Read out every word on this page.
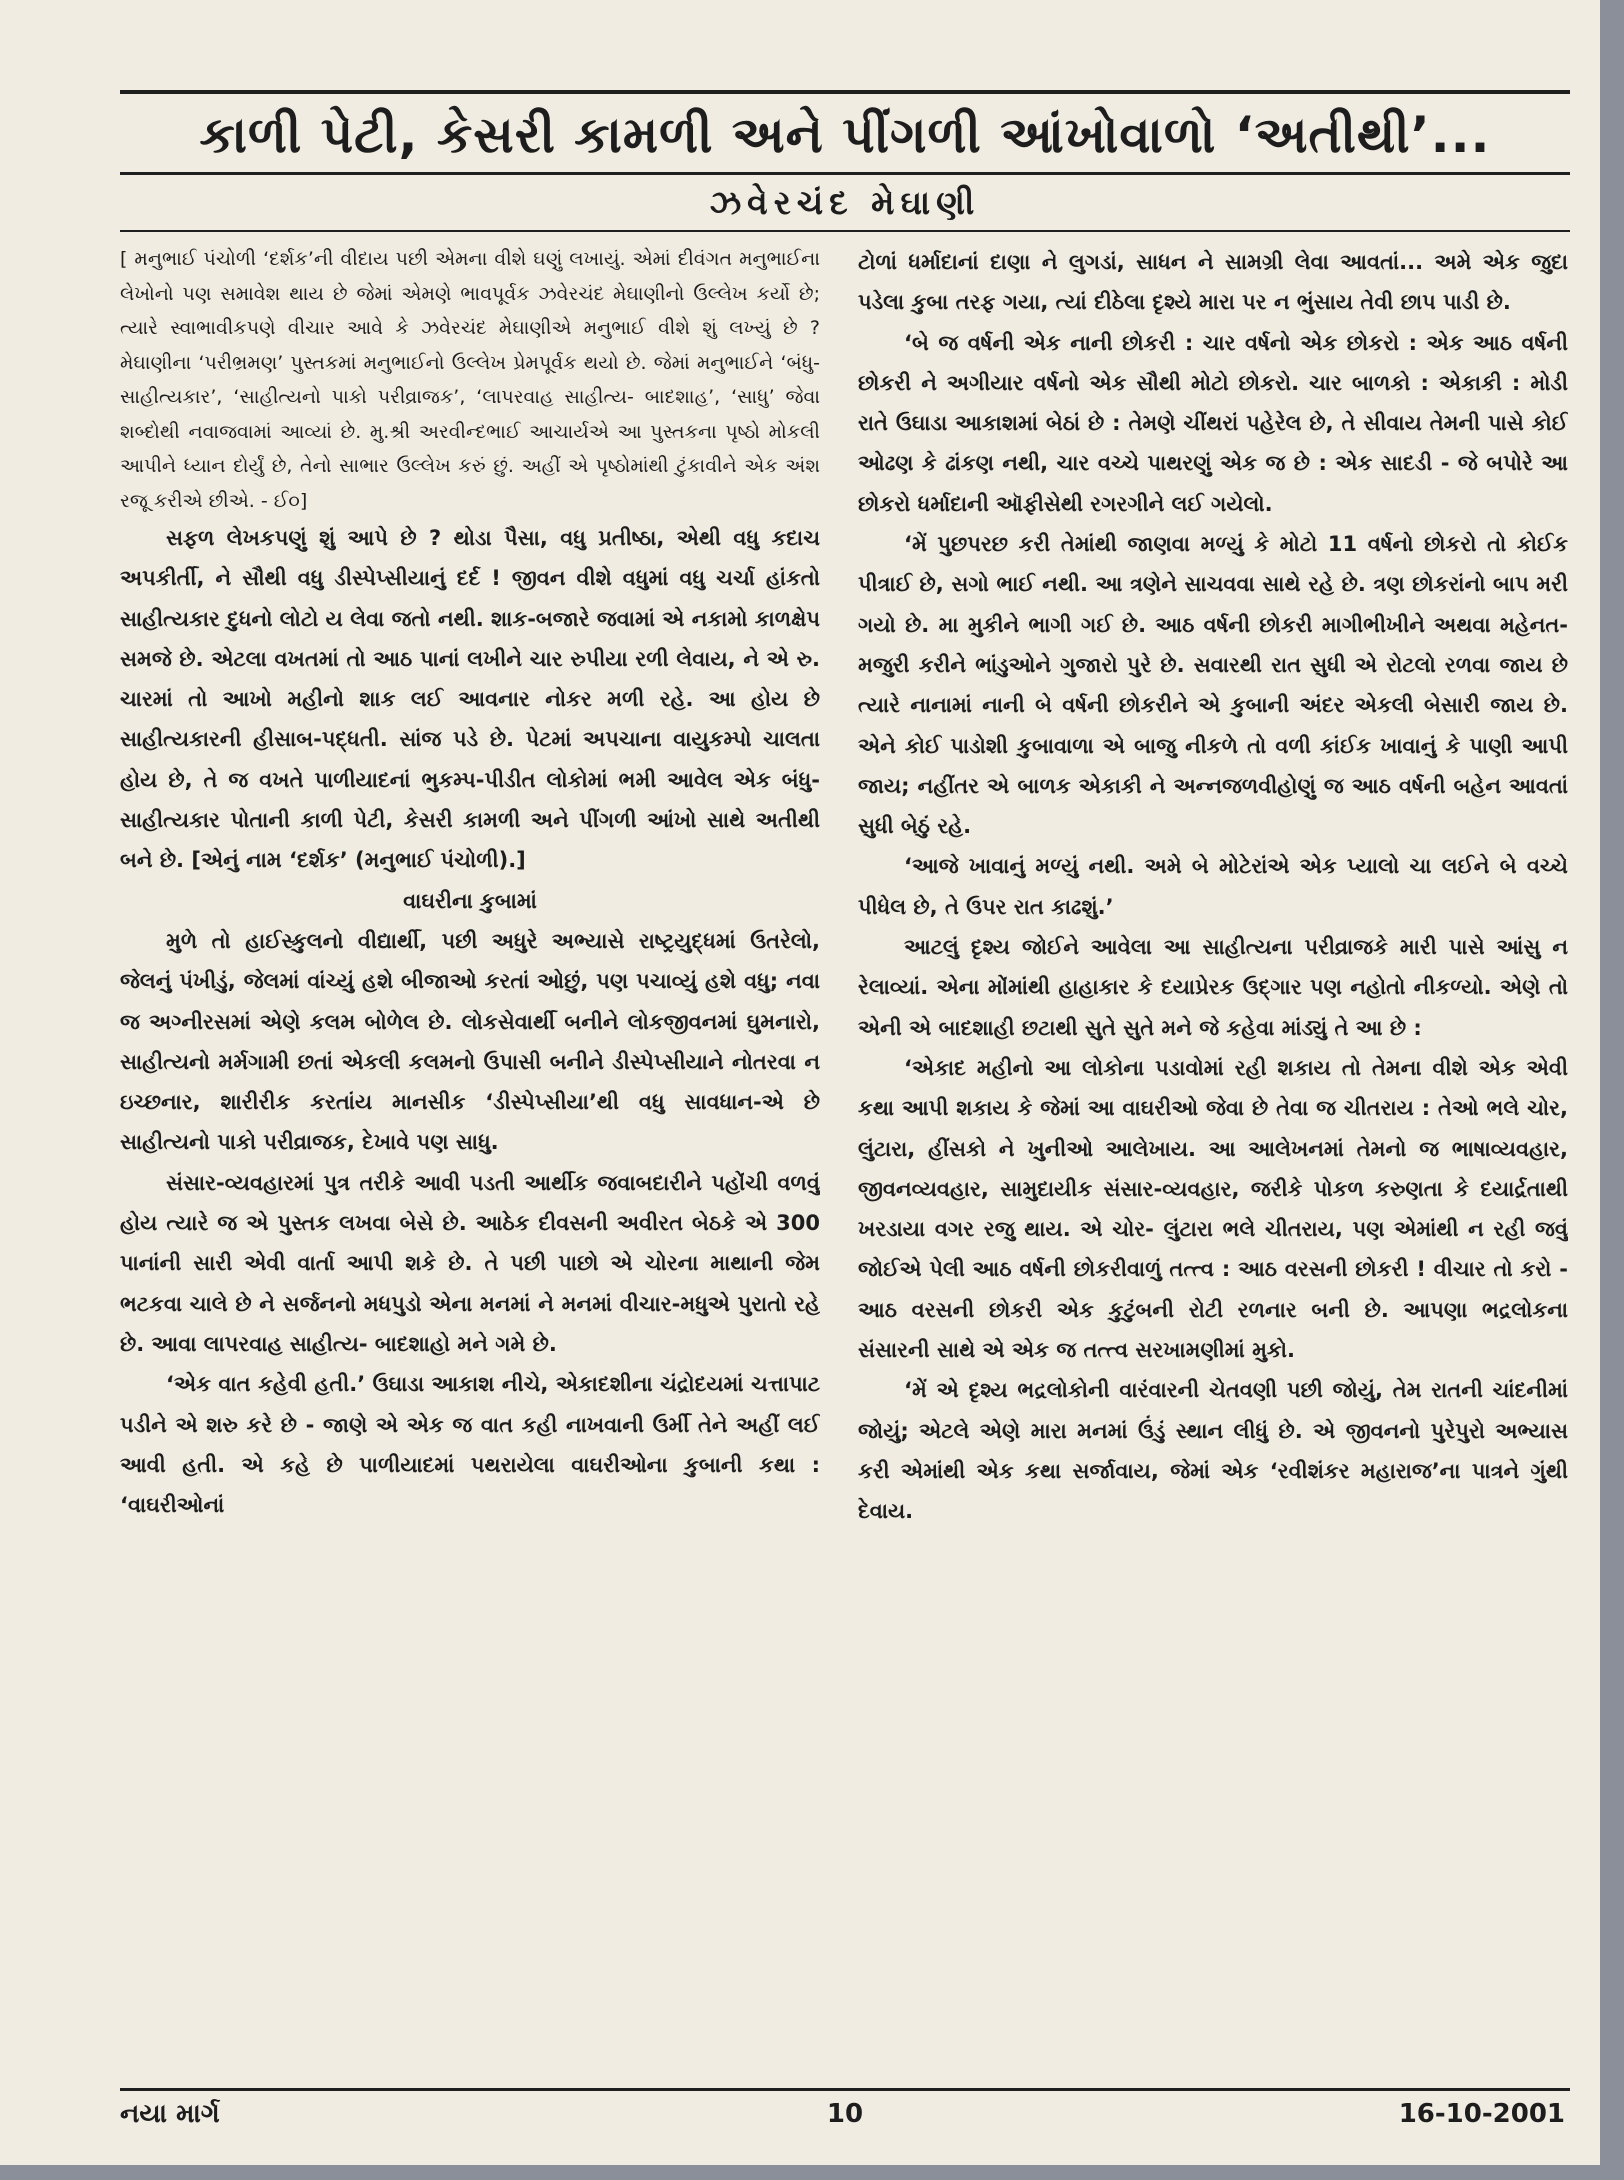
કાળી પેટી, કેસરી કામળી અને પીંગળી આંખોવાળો ‘અતીથી’...
ઝવેરચંદ મેઘાણી

[ મનુભાઈ પંચોળી ‘દર્શક’ની વીદાય પછી એમના વીશે ઘણું લખાયું. એમાં દીવંગત મનુભાઈના લેખોનો પણ સમાવેશ થાય છે જેમાં એમણે ભાવપૂર્વક ઝવેરચંદ મેઘાણીનો ઉલ્લેખ કર્યો છે; ત્યારે સ્વાભાવીકપણે વીચાર આવે કે ઝવેરચંદ મેઘાણીએ મનુભાઈ વીશે શું લખ્યું છે ? મેઘાણીના ‘પરીભ્રમણ’ પુસ્તકમાં મનુભાઈનો ઉલ્લેખ પ્રેમપૂર્વક થયો છે. જેમાં મનુભાઈને ‘બંધુ-સાહીત્યકાર’, ‘સાહીત્યનો પાકો પરીવ્રાજક’, ‘લાપરવાહ સાહીત્ય- બાદશાહ’, ‘સાધુ’ જેવા શબ્દોથી નવાજવામાં આવ્યાં છે. મુ.શ્રી અરવીન્દભાઈ આચાર્યએ આ પુસ્તકના પૃષ્ઠો મોકલી આપીને ધ્યાન દોર્યું છે, તેનો સાભાર ઉલ્લેખ કરું છું. અહીં એ પૃષ્ઠોમાંથી ટુંકાવીને એક અંશ રજૂ કરીએ છીએ. - ઈ૦]

સફળ લેખકપણું શું આપે છે ? થોડા પૈસા, વધુ પ્રતીષ્ઠા, એથી વધુ કદાચ અપકીર્તી, ને સૌથી વધુ ડીસ્પેપ્સીયાનું દર્દ ! જીવન વીશે વધુમાં વધુ ચર્ચા હાંકતો સાહીત્યકાર દુધનો લોટો ય લેવા જતો નથી. શાક-બજારે જવામાં એ નકામો કાળક્ષેપ સમજે છે. એટલા વખતમાં તો આઠ પાનાં લખીને ચાર રુપીયા રળી લેવાય, ને એ રુ. ચારમાં તો આખો મહીનો શાક લઈ આવનાર નોકર મળી રહે. આ હોય છે સાહીત્યકારની હીસાબ-પદ્ધતી. સાંજ પડે છે. પેટમાં અપચાના વાયુકમ્પો ચાલતા હોય છે, તે જ વખતે પાળીયાદનાં ભુકમ્પ-પીડીત લોકોમાં ભમી આવેલ એક બંધુ-સાહીત્યકાર પોતાની કાળી પેટી, કેસરી કામળી અને પીંગળી આંખો સાથે અતીથી બને છે. [એનું નામ ‘દર્શક’ (મનુભાઈ પંચોળી).]

વાઘરીના કુબામાં

મુળે તો હાઈસ્કુલનો વીદ્યાર્થી, પછી અધુરે અભ્યાસે રાષ્ટ્રયુદ્ધમાં ઉતરેલો, જેલનું પંખીડું, જેલમાં વાંચ્યું હશે બીજાઓ કરતાં ઓછું, પણ પચાવ્યું હશે વધુ; નવા જ અગ્નીરસમાં એણે કલમ બોળેલ છે. લોકસેવાર્થી બનીને લોકજીવનમાં ઘુમનારો, સાહીત્યનો મર્મગામી છતાં એકલી કલમનો ઉપાસી બનીને ડીસ્પેપ્સીયાને નોતરવા ન ઇચ્છનાર, શારીરીક કરતાંય માનસીક ‘ડીસ્પેપ્સીયા’થી વધુ સાવધાન-એ છે સાહીત્યનો પાકો પરીવ્રાજક, દેખાવે પણ સાધુ.

સંસાર-વ્યવહારમાં પુત્ર તરીકે આવી પડતી આર્થીક જવાબદારીને પહોંચી વળવું હોય ત્યારે જ એ પુસ્તક લખવા બેસે છે. આઠેક દીવસની અવીરત બેઠકે એ 300 પાનાંની સારી એવી વાર્તા આપી શકે છે. તે પછી પાછો એ ચોરના માથાની જેમ ભટકવા ચાલે છે ને સર્જનનો મધપુડો એના મનમાં ને મનમાં વીચાર-મધુએ પુરાતો રહે છે. આવા લાપરવાહ સાહીત્ય- બાદશાહો મને ગમે છે.

‘એક વાત કહેવી હતી.’ ઉઘાડા આકાશ નીચે, એકાદશીના ચંદ્રોદયમાં ચત્તાપાટ પડીને એ શરુ કરે છે - જાણે એ એક જ વાત કહી નાખવાની ઉર્મી તેને અહીં લઈ આવી હતી. એ કહે છે પાળીયાદમાં પથરાયેલા વાઘરીઓના કુબાની કથા : ‘વાઘરીઓનાં

ટોળાં ધર્માદાનાં દાણા ને લુગડાં, સાધન ને સામગ્રી લેવા આવતાં... અમે એક જુદા પડેલા કુબા તરફ ગયા, ત્યાં દીઠેલા દૃશ્યે મારા પર ન ભુંસાય તેવી છાપ પાડી છે.

‘બે જ વર્ષની એક નાની છોકરી : ચાર વર્ષનો એક છોકરો : એક આઠ વર્ષની છોકરી ને અગીયાર વર્ષનો એક સૌથી મોટો છોકરો. ચાર બાળકો : એકાકી : મોડી રાતે ઉઘાડા આકાશમાં બેઠાં છે : તેમણે ચીંથરાં પહેરેલ છે, તે સીવાય તેમની પાસે કોઈ ઓઢણ કે ઢાંકણ નથી, ચાર વચ્ચે પાથરણું એક જ છે : એક સાદડી - જે બપોરે આ છોકરો ધર્માદાની ઑફીસેથી રગરગીને લઈ ગયેલો.

‘મેં પુછપરછ કરી તેમાંથી જાણવા મળ્યું કે મોટો 11 વર્ષનો છોકરો તો કોઈક પીત્રાઈ છે, સગો ભાઈ નથી. આ ત્રણેને સાચવવા સાથે રહે છે. ત્રણ છોકરાંનો બાપ મરી ગયો છે. મા મુકીને ભાગી ગઈ છે. આઠ વર્ષની છોકરી માગીભીખીને અથવા મહેનત-મજુરી કરીને ભાંડુઓને ગુજારો પુરે છે. સવારથી રાત સુધી એ રોટલો રળવા જાય છે ત્યારે નાનામાં નાની બે વર્ષની છોકરીને એ કુબાની અંદર એકલી બેસારી જાય છે. એને કોઈ પાડોશી કુબાવાળા એ બાજુ નીકળે તો વળી કાંઈક ખાવાનું કે પાણી આપી જાય; નહીંતર એ બાળક એકાકી ને અન્નજળવીહોણું જ આઠ વર્ષની બહેન આવતાં સુધી બેઠું રહે.

‘આજે ખાવાનું મળ્યું નથી. અમે બે મોટેરાંએ એક પ્યાલો ચા લઈને બે વચ્ચે પીધેલ છે, તે ઉપર રાત કાઢશું.’

આટલું દૃશ્ય જોઈને આવેલા આ સાહીત્યના પરીવ્રાજકે મારી પાસે આંસુ ન રેલાવ્યાં. એના મોંમાંથી હાહાકાર કે દયાપ્રેરક ઉદ્ગાર પણ નહોતો નીકળ્યો. એણે તો એની એ બાદશાહી છટાથી સુતે સુતે મને જે કહેવા માંડ્યું તે આ છે :

‘એકાદ મહીનો આ લોકોના પડાવોમાં રહી શકાય તો તેમના વીશે એક એવી કથા આપી શકાય કે જેમાં આ વાઘરીઓ જેવા છે તેવા જ ચીતરાય : તેઓ ભલે ચોર, લુંટારા, હીંસકો ને ખુનીઓ આલેખાય. આ આલેખનમાં તેમનો જ ભાષાવ્યવહાર, જીવનવ્યવહાર, સામુદાયીક સંસાર-વ્યવહાર, જરીકે પોકળ કરુણતા કે દયાર્દ્રતાથી ખરડાયા વગર રજુ થાય. એ ચોર- લુંટારા ભલે ચીતરાય, પણ એમાંથી ન રહી જવું જોઈએ પેલી આઠ વર્ષની છોકરીવાળું તત્ત્વ : આઠ વરસની છોકરી ! વીચાર તો કરો - આઠ વરસની છોકરી એક કુટુંબની રોટી રળનાર બની છે. આપણા ભદ્રલોકના સંસારની સાથે એ એક જ તત્ત્વ સરખામણીમાં મુકો.

‘મેં એ દૃશ્ય ભદ્રલોકોની વારંવારની ચેતવણી પછી જોયું, તેમ રાતની ચાંદનીમાં જોયું; એટલે એણે મારા મનમાં ઉંડું સ્થાન લીધું છે. એ જીવનનો પુરેપુરો અભ્યાસ કરી એમાંથી એક કથા સર્જાવાય, જેમાં એક ‘રવીશંકર મહારાજ’ના પાત્રને ગુંથી દેવાય.

નયા માર્ગ	10	16-10-2001
